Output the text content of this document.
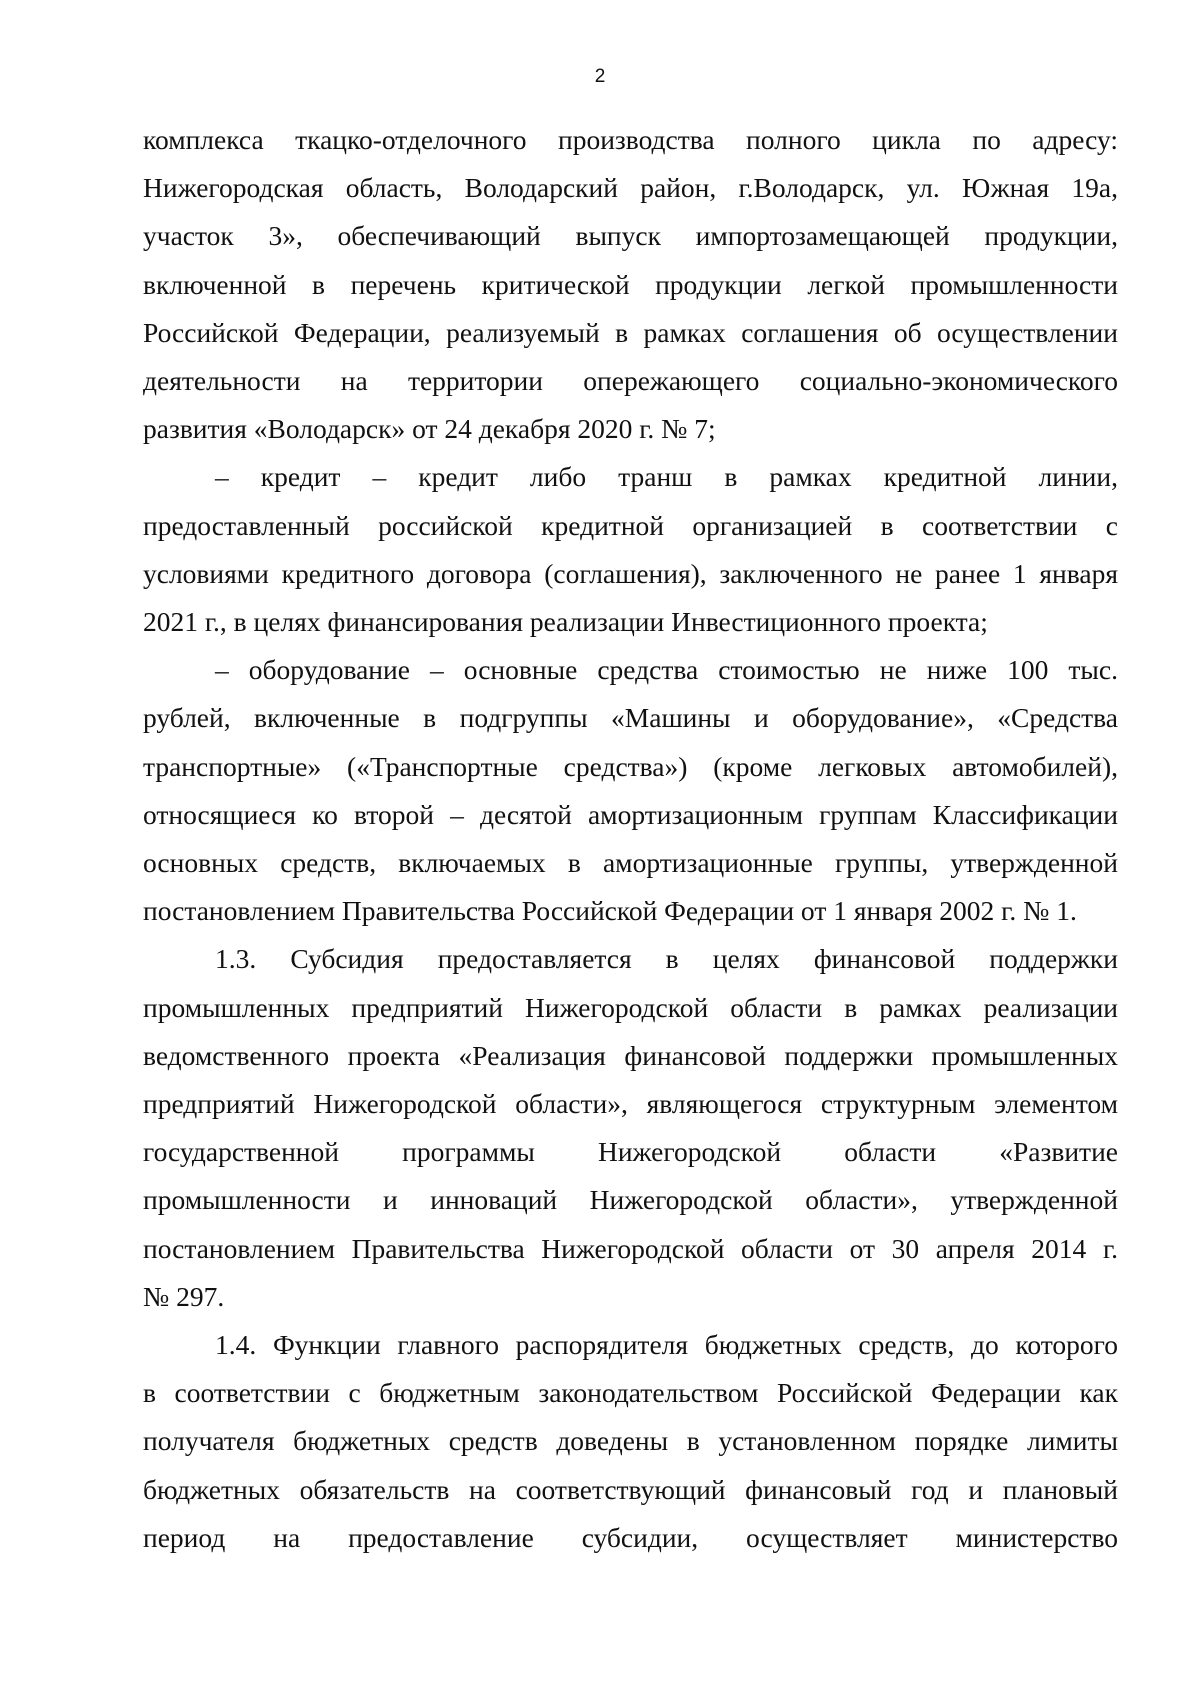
2

комплекса ткацко-отделочного производства полного цикла по адресу:
Нижегородская область, Володарский район, г.Володарск, ул. Южная 19а,
участок 3», обеспечивающий выпуск импортозамещающей продукции,
включенной в перечень критической продукции легкой промышленности
Российской Федерации, реализуемый в рамках соглашения об осуществлении
деятельности на территории опережающего социально-экономического
развития «Володарск» от 24 декабря 2020 г. № 7;

– кредит – кредит либо транш в рамках кредитной линии,
предоставленный российской кредитной организацией в соответствии с
условиями кредитного договора (соглашения), заключенного не ранее 1 января
2021 г., в целях финансирования реализации Инвестиционного проекта;

– оборудование – основные средства стоимостью не ниже 100 тыс.
рублей, включенные в подгруппы «Машины и оборудование», «Средства
транспортные» («Транспортные средства») (кроме легковых автомобилей),
относящиеся ко второй – десятой амортизационным группам Классификации
основных средств, включаемых в амортизационные группы, утвержденной
постановлением Правительства Российской Федерации от 1 января 2002 г. № 1.

1.3. Субсидия предоставляется в целях финансовой поддержки
промышленных предприятий Нижегородской области в рамках реализации
ведомственного проекта «Реализация финансовой поддержки промышленных
предприятий Нижегородской области», являющегося структурным элементом
государственной программы Нижегородской области «Развитие
промышленности и инноваций Нижегородской области», утвержденной
постановлением Правительства Нижегородской области от 30 апреля 2014 г.
№ 297.

1.4. Функции главного распорядителя бюджетных средств, до которого
в соответствии с бюджетным законодательством Российской Федерации как
получателя бюджетных средств доведены в установленном порядке лимиты
бюджетных обязательств на соответствующий финансовый год и плановый
период на предоставление субсидии, осуществляет министерство
